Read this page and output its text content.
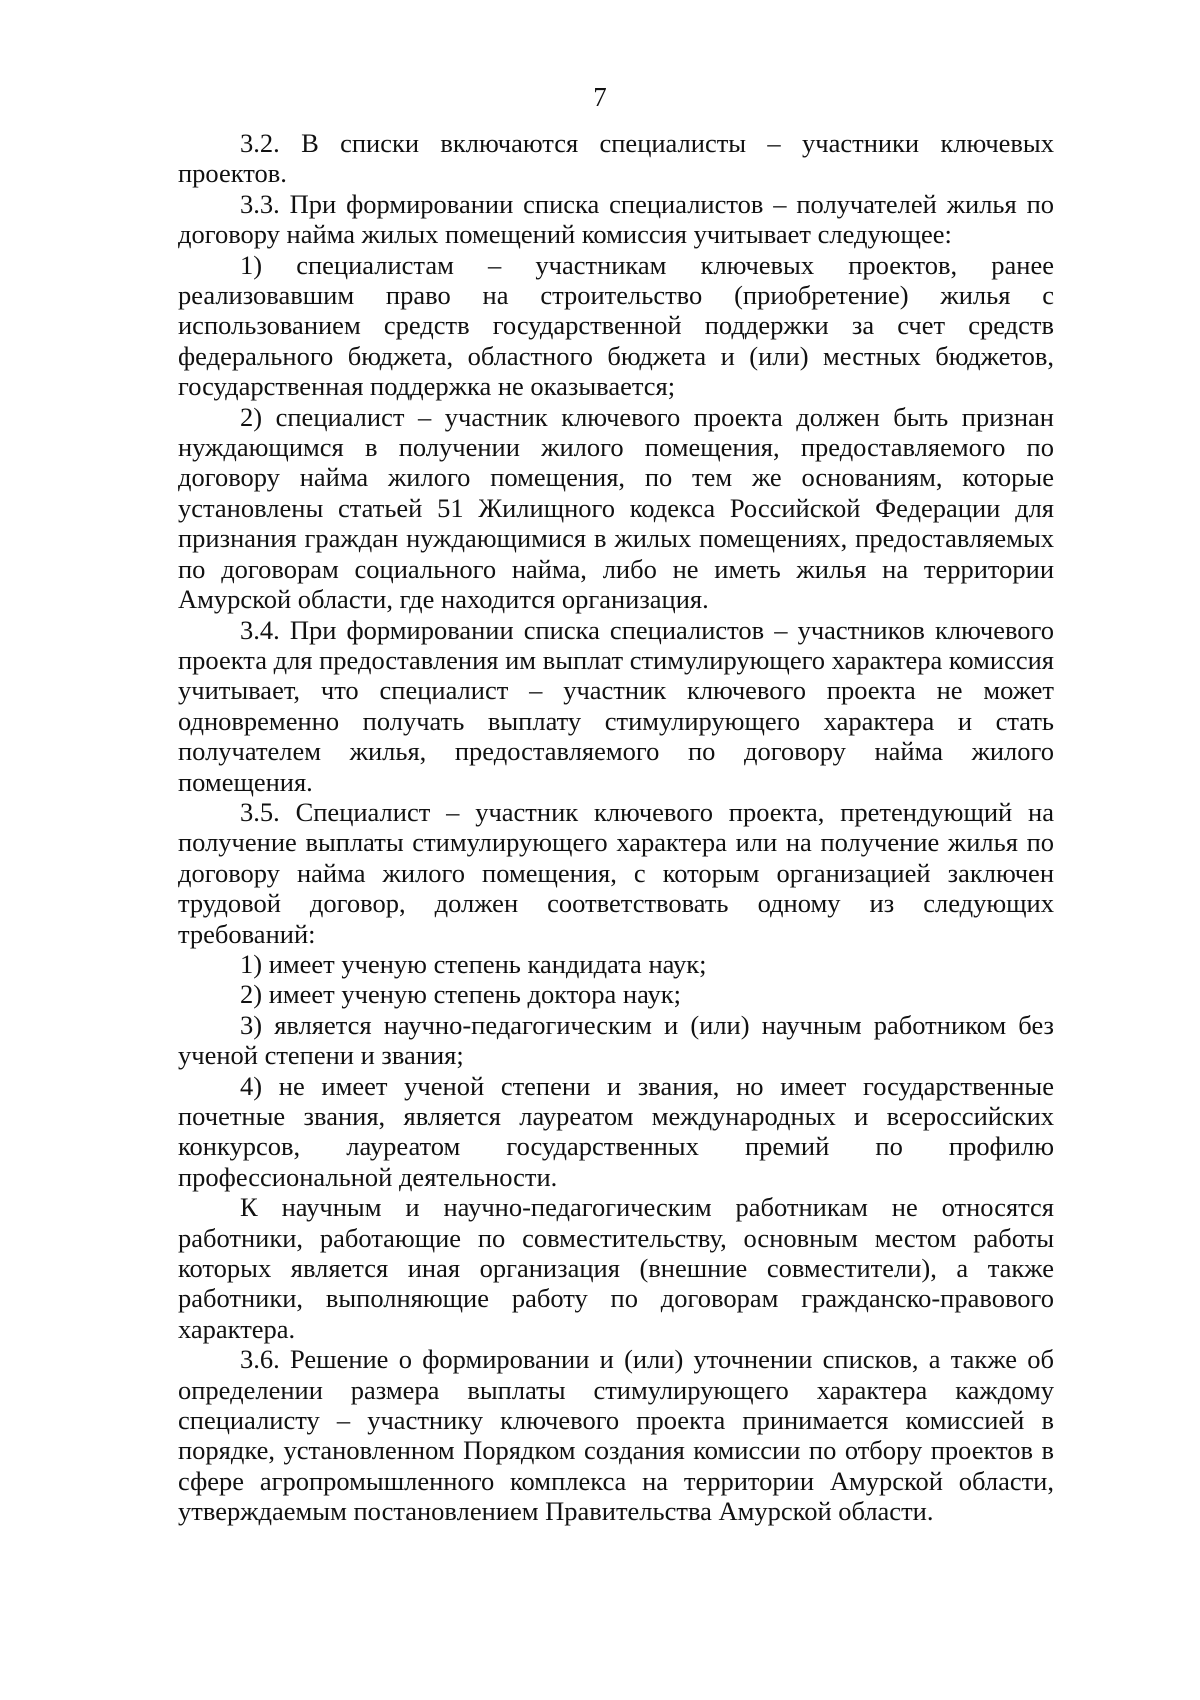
7

3.2. В списки включаются специалисты – участники ключевых проектов.

3.3. При формировании списка специалистов – получателей жилья по договору найма жилых помещений комиссия учитывает следующее:

1) специалистам – участникам ключевых проектов, ранее реализовавшим право на строительство (приобретение) жилья с использованием средств государственной поддержки за счет средств федерального бюджета, областного бюджета и (или) местных бюджетов, государственная поддержка не оказывается;

2) специалист – участник ключевого проекта должен быть признан нуждающимся в получении жилого помещения, предоставляемого по договору найма жилого помещения, по тем же основаниям, которые установлены статьей 51 Жилищного кодекса Российской Федерации для признания граждан нуждающимися в жилых помещениях, предоставляемых по договорам социального найма, либо не иметь жилья на территории Амурской области, где находится организация.

3.4. При формировании списка специалистов – участников ключевого проекта для предоставления им выплат стимулирующего характера комиссия учитывает, что специалист – участник ключевого проекта не может одновременно получать выплату стимулирующего характера и стать получателем жилья, предоставляемого по договору найма жилого помещения.

3.5. Специалист – участник ключевого проекта, претендующий на получение выплаты стимулирующего характера или на получение жилья по договору найма жилого помещения, с которым организацией заключен трудовой договор, должен соответствовать одному из следующих требований:

1) имеет ученую степень кандидата наук;

2) имеет ученую степень доктора наук;

3) является научно-педагогическим и (или) научным работником без ученой степени и звания;

4) не имеет ученой степени и звания, но имеет государственные почетные звания, является лауреатом международных и всероссийских конкурсов, лауреатом государственных премий по профилю профессиональной деятельности.

К научным и научно-педагогическим работникам не относятся работники, работающие по совместительству, основным местом работы которых является иная организация (внешние совместители), а также работники, выполняющие работу по договорам гражданско-правового характера.

3.6. Решение о формировании и (или) уточнении списков, а также об определении размера выплаты стимулирующего характера каждому специалисту – участнику ключевого проекта принимается комиссией в порядке, установленном Порядком создания комиссии по отбору проектов в сфере агропромышленного комплекса на территории Амурской области, утверждаемым постановлением Правительства Амурской области.
